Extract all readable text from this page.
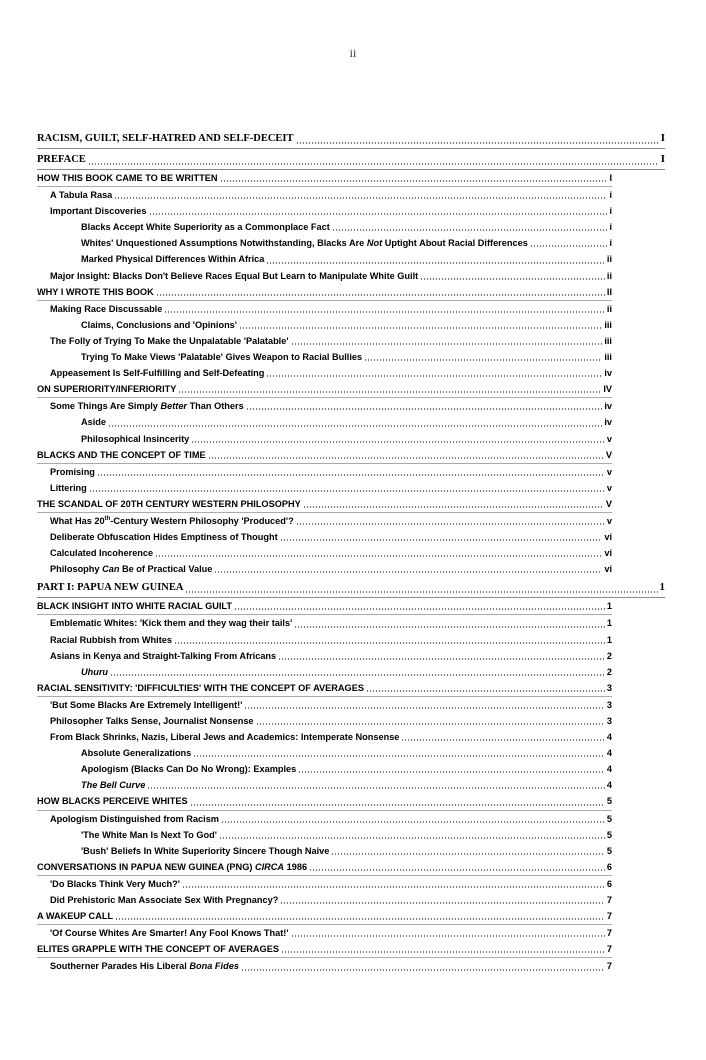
ii
RACISM, GUILT, SELF-HATRED AND SELF-DECEIT	I
PREFACE	I
HOW THIS BOOK CAME TO BE WRITTEN	I
A Tabula Rasa	i
Important Discoveries	i
Blacks Accept White Superiority as a Commonplace Fact	i
Whites' Unquestioned Assumptions Notwithstanding, Blacks Are Not Uptight About Racial Differences	i
Marked Physical Differences Within Africa	ii
Major Insight: Blacks Don't Believe Races Equal But Learn to Manipulate White Guilt	ii
WHY I WROTE THIS BOOK	II
Making Race Discussable	ii
Claims, Conclusions and 'Opinions'	iii
The Folly of Trying To Make the Unpalatable 'Palatable'	iii
Trying To Make Views 'Palatable' Gives Weapon to Racial Bullies	iii
Appeasement Is Self-Fulfilling and Self-Defeating	iv
ON SUPERIORITY/INFERIORITY	IV
Some Things Are Simply Better Than Others	iv
Aside	iv
Philosophical Insincerity	v
BLACKS AND THE CONCEPT OF TIME	V
Promising	v
Littering	v
THE SCANDAL OF 20TH CENTURY WESTERN PHILOSOPHY	V
What Has 20th-Century Western Philosophy 'Produced'?	v
Deliberate Obfuscation Hides Emptiness of Thought	vi
Calculated Incoherence	vi
Philosophy Can Be of Practical Value	vi
PART I: PAPUA NEW GUINEA	1
BLACK INSIGHT INTO WHITE RACIAL GUILT	1
Emblematic Whites: 'Kick them and they wag their tails'	1
Racial Rubbish from Whites	1
Asians in Kenya and Straight-Talking From Africans	2
Uhuru	2
RACIAL SENSITIVITY: 'DIFFICULTIES' WITH THE CONCEPT OF AVERAGES	3
'But Some Blacks Are Extremely Intelligent!'	3
Philosopher Talks Sense, Journalist Nonsense	3
From Black Shrinks, Nazis, Liberal Jews and Academics: Intemperate Nonsense	4
Absolute Generalizations	4
Apologism (Blacks Can Do No Wrong): Examples	4
The Bell Curve	4
HOW BLACKS PERCEIVE WHITES	5
Apologism Distinguished from Racism	5
'The White Man Is Next To God'	5
'Bush' Beliefs In White Superiority Sincere Though Naive	5
CONVERSATIONS IN PAPUA NEW GUINEA (PNG) CIRCA 1986	6
'Do Blacks Think Very Much?'	6
Did Prehistoric Man Associate Sex With Pregnancy?	7
A WAKEUP CALL	7
'Of Course Whites Are Smarter! Any Fool Knows That!'	7
ELITES GRAPPLE WITH THE CONCEPT OF AVERAGES	7
Southerner Parades His Liberal Bona Fides	7
